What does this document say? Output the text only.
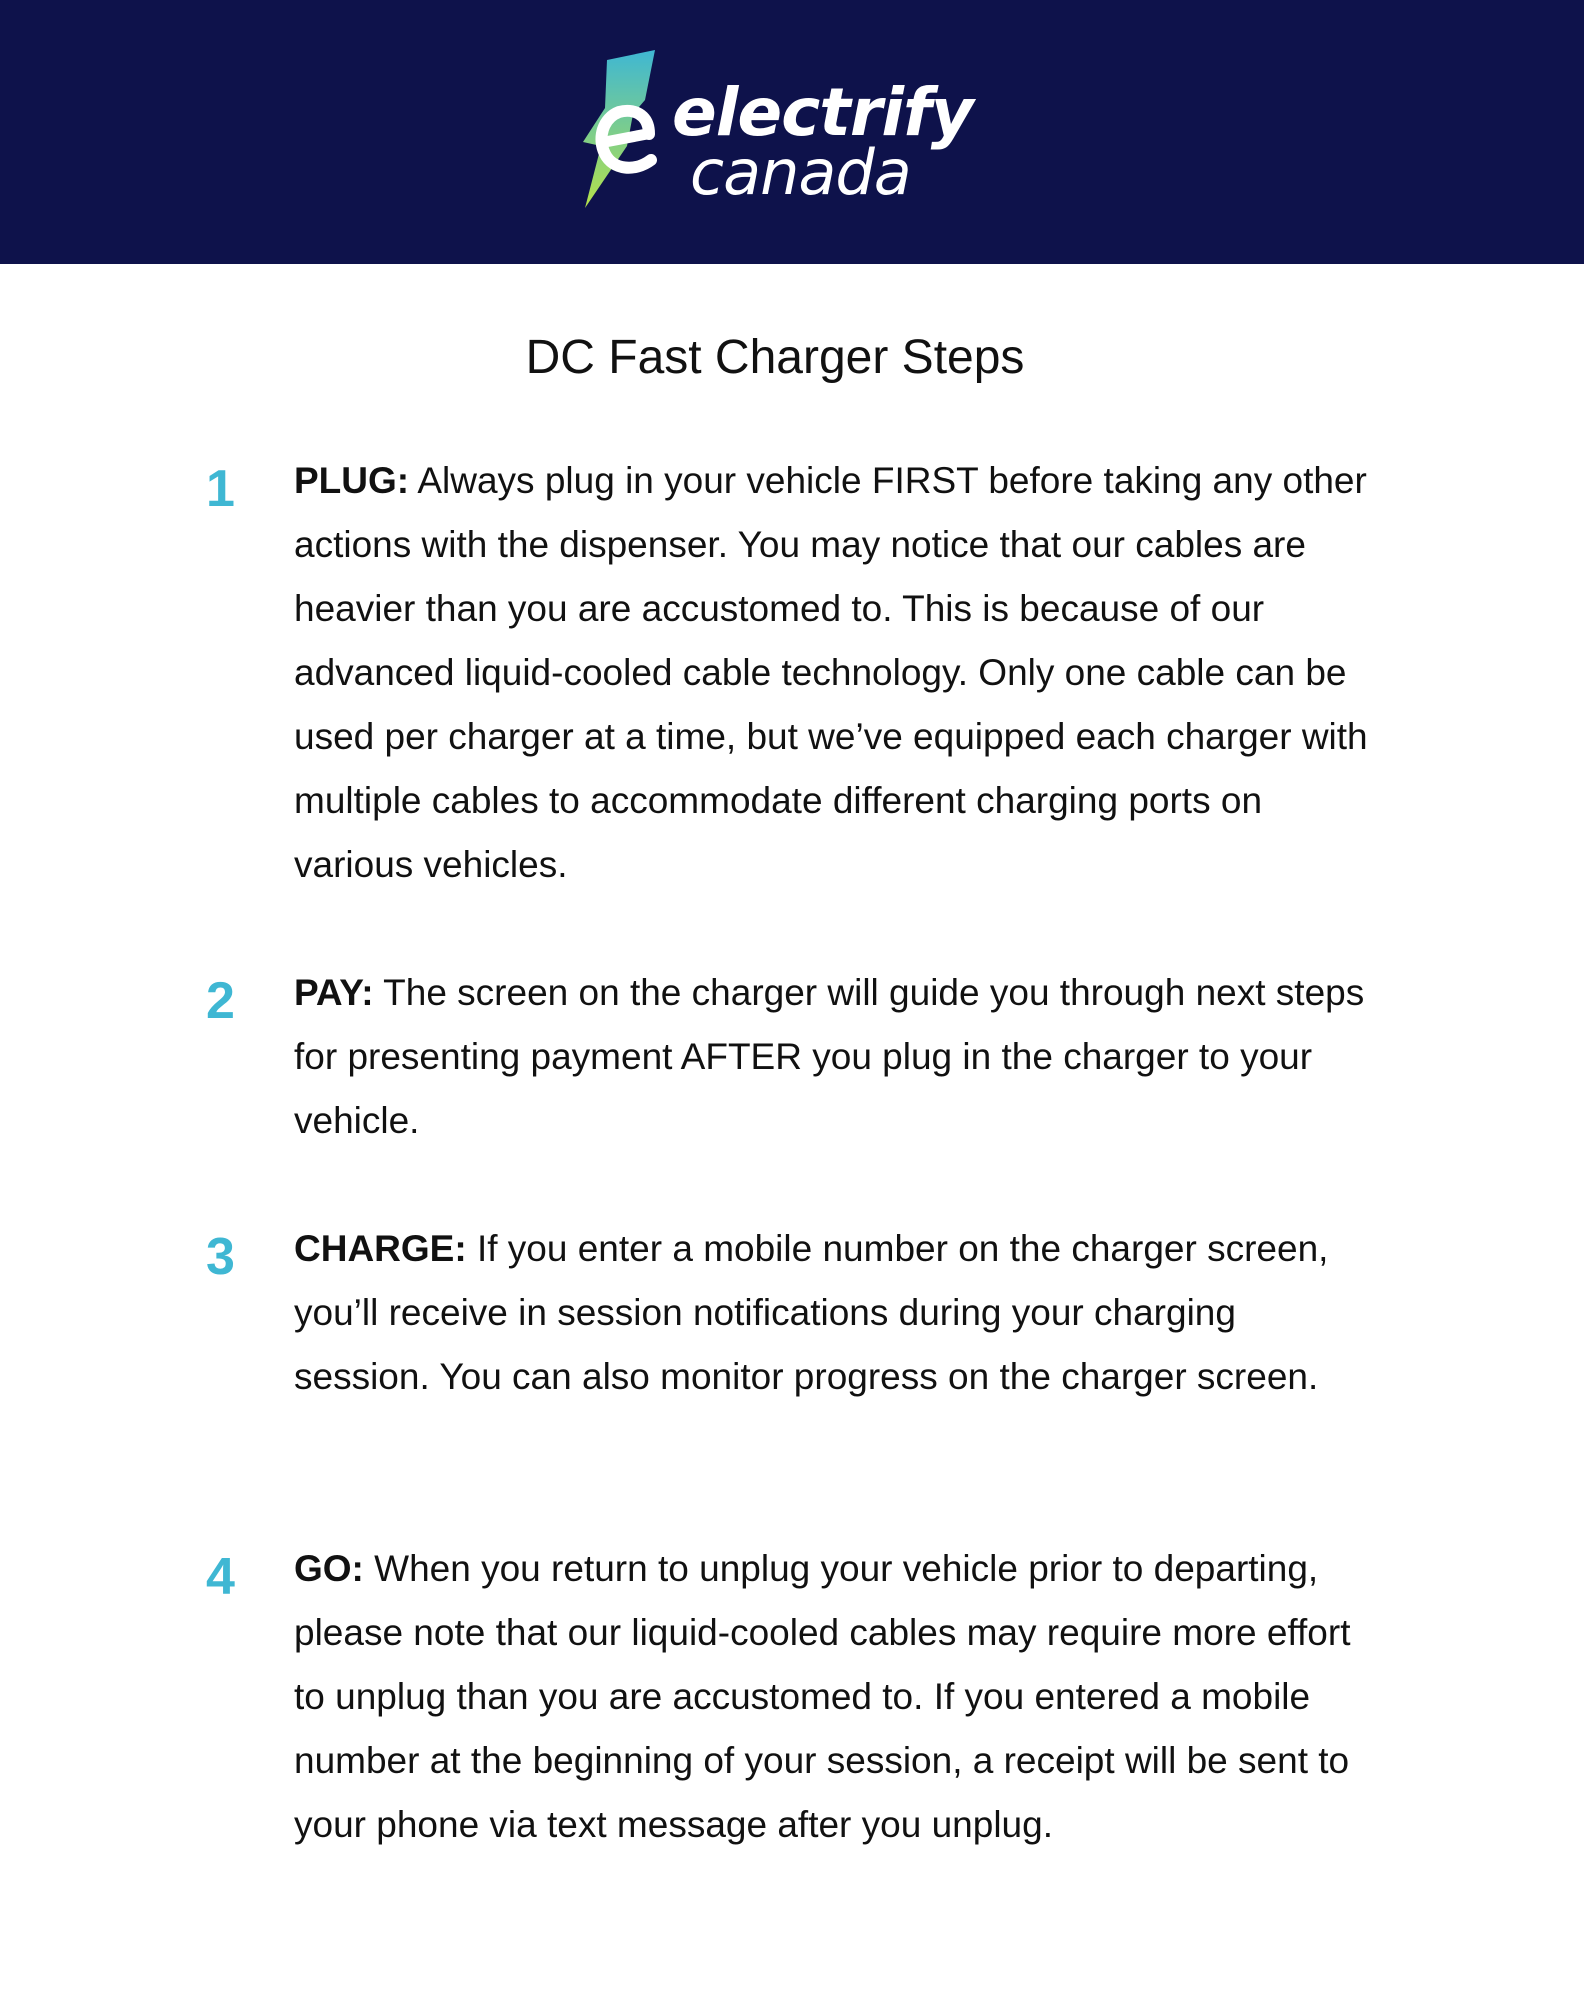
electrify
canada
DC Fast Charger Steps
1	PLUG: Always plug in your vehicle FIRST before taking any other actions with the dispenser. You may notice that our cables are heavier than you are accustomed to. This is because of our advanced liquid-cooled cable technology. Only one cable can be used per charger at a time, but we’ve equipped each charger with multiple cables to accommodate different charging ports on various vehicles.
2	PAY: The screen on the charger will guide you through next steps for presenting payment AFTER you plug in the charger to your vehicle.
3	CHARGE: If you enter a mobile number on the charger screen, you’ll receive in session notifications during your charging session. You can also monitor progress on the charger screen.
4	GO: When you return to unplug your vehicle prior to departing, please note that our liquid-cooled cables may require more effort to unplug than you are accustomed to. If you entered a mobile number at the beginning of your session, a receipt will be sent to your phone via text message after you unplug.
